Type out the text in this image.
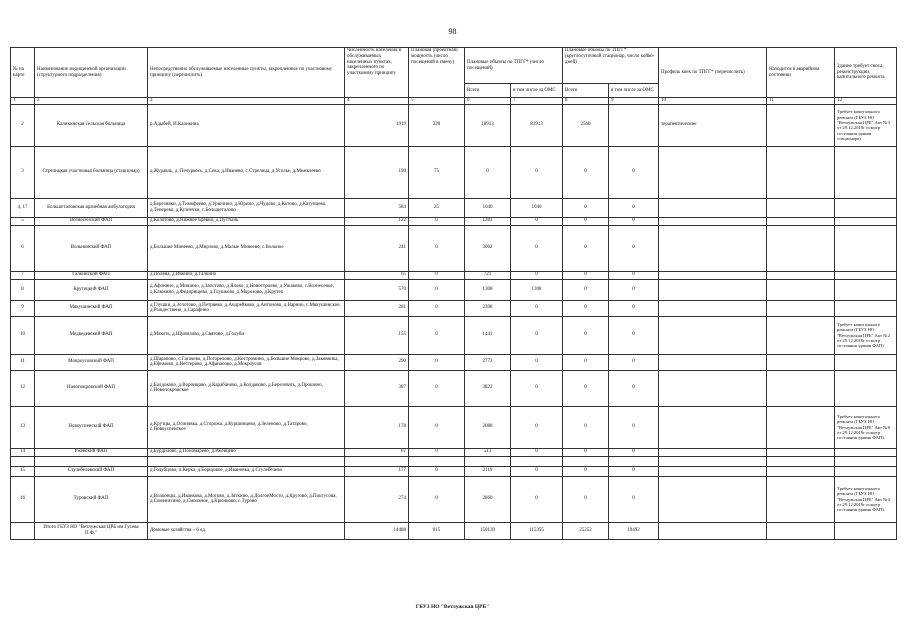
98
№ на карте	Наименование медицинской организации (структурного подразделения)	Непосредственно обслуживаемые населенные пункты, закрепленные по участковому принципу (перечислить)	Численность населения в обслуживаемых населенных пунктах, закрепленного по участковому принципу	Плановая (проектная) мощность (число посещений в смену)	Плановые объемы по ТПГГ* (число посещений)		Плановые объемы по ТПГГ* (круглосуточный стационар, число койко-дней)		Профиль коек по ТПГГ* (перечислить)	Находится в аварийном состоянии	Здание требует сноса, реконструкции, капитального ремонта
					Всего	в том числе за ОМС	Всего	в том числе за ОМС			
1	2	3	4	5	6	7	8	9	10	11	12
2	Каликинская сельская больница	р.Адыбей, И.Каликина	1919	320	18913	81913	2560		терапевтические		Требует капитального ремонта (ГБУЗ НО "Ветлужская ЦРБ" Акт №3 от 29.12.2018г осмотр состояния здания стационара)
3	Стрелицкая участковая больница (стационар)	д.Журавль, д. Печуркось, д.Сека, д.Иванево, с.Стрелица, д.Усолье, д.Межклеево	190	75	0	0	0	0			
4, 17	Большеталовская врачебная амбулатория	д.Березняки, д.Тимофеево, д.Урюпино, д.Юрино, д.Чудово, д.Котово, д.Катунцево, д.Тенерево, д.Кузнечки, с.Большеталово	584	25	1040	1040	0	0			
5	Вознесенский ФАП	д.Колотово, д.Нижнее Бревно, д.Пустынь	122	0	1281	0	0	0			
6	Вольнинский ФАП	д.Большие Минеево, д.Мирзово, д.Малые Минеево, с.Вольное	241	0	3062	0	0	0			
7	Галкинский ФАП	д.Поляна, д.Ивкино, д.Галкино	65	0	721	0	0	0			
8	Крутецкий ФАП	д.Афонино, д.Мишино, д.Заостово, д.Ялово, д.Новостроево, д.Ушаково, с.Вознесенье, д.Клюкино, д.Федорищево, д.Глушково, д.Морозово, д.Крутец	570	0	1308	1308	0	0			
9	Мякушинский ФАП	д.Глушки, д.Золотово, д.Петряево, д.Андрейково, д.Антоново, д.Варино, с.Мякушинское, д.Рождествено, д.Сарафино	281	0	2398	0	0	0			
10	Медведевский ФАП	д.Мякоть, д.Шумилово, д.Святово, д.Голуби	155	0	1441	0	0	0			Требует капитального ремонта (ГБУЗ НО "Ветлужская ЦРБ" Акт №2 от 29.12.2018г осмотр состояния здания ФАП)
11	Мокроусовский ФАП	д.Шарапово, с.Гагачево, д.Погорелово, д.Костромино, д.Большие Мокрово, д.Заковника, д.Ефимово, д.Нестерово, д.Афанасово, д.Мокроусов	290	0	2772	0	0	0			
12	Новопокровский ФАП	д.Балдоково, д.Воронцово, д.Карабаново, д.Колдаково, д.Березовать, д.Прошино, с.Новопокровское	387	0	3822	0	0	0			
13	Новоуспенский ФАП	д.Крутцы, д.Осиновка, д.Сторожа, д.Куршинцево, д.Зеленово, д.Татарово, с.Новоуспенское	178	0	2088	0	0	0			Требует капитального ремонта (ГБУЗ НО "Ветлужская ЦРБ" Акт №8 от 29.12.2018г осмотр состояния здания ФАП)
14	Ржевский ФАП	д.Бурдилово, д.Пономарево, д.Ржевцево	67	0	513	0	0	0			

15	Стулебелевский ФАП	д.Голубцово, п.Керка, д.Борщовое, д.Ивановка, д.Стулебелево	177	0	2119	0	0	0			
16	Туровский ФАП	д.Волконцы, д.Иванкова, д.Мотово, д.Зяткино, д.ДолгоеМосто, д.Кругово, д.Поктусова, д.Семенихино, д.Смоляное, д.Крючково, с.Турово	274	0	2860	0	0	0			Требует капитального ремонта (ГБУЗ НО "Ветлужская ЦРБ" Акт №4 от 29.12.2018г осмотр состояния здания ФАП)
	Итого ГБУЗ НО "Ветлужская ЦРБ им Гусева П.Ф."	Домовые хозяйства – 6 ед.	14488	915	150139	115355	25252	19492			
ГБУЗ НО "Ветлужская ЦРБ"
